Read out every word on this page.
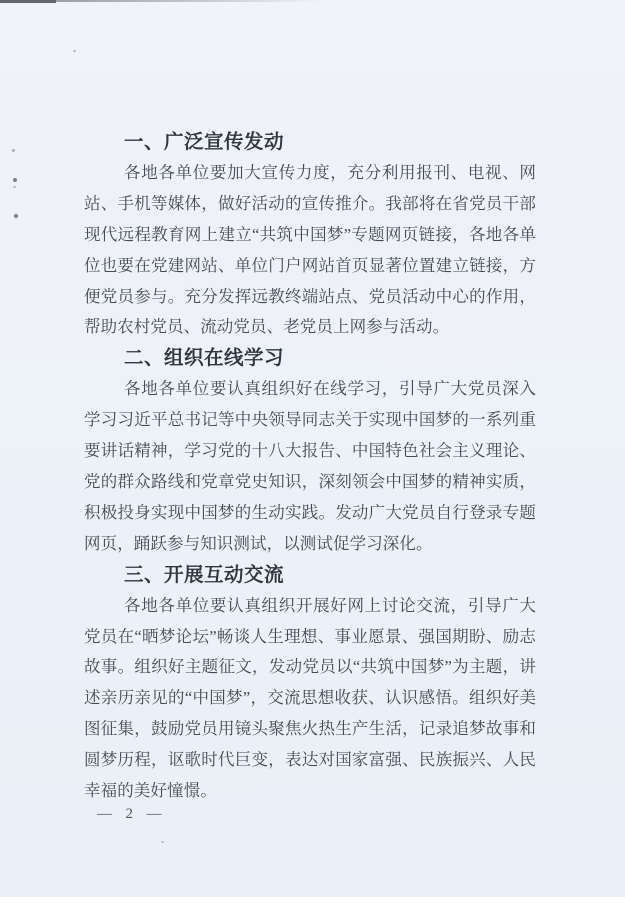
一、广泛宣传发动

各地各单位要加大宣传力度，充分利用报刊、电视、网站、手机等媒体，做好活动的宣传推介。我部将在省党员干部现代远程教育网上建立“共筑中国梦”专题网页链接，各地各单位也要在党建网站、单位门户网站首页显著位置建立链接，方便党员参与。充分发挥远教终端站点、党员活动中心的作用，帮助农村党员、流动党员、老党员上网参与活动。

二、组织在线学习

各地各单位要认真组织好在线学习，引导广大党员深入学习习近平总书记等中央领导同志关于实现中国梦的一系列重要讲话精神，学习党的十八大报告、中国特色社会主义理论、党的群众路线和党章党史知识，深刻领会中国梦的精神实质，积极投身实现中国梦的生动实践。发动广大党员自行登录专题网页，踊跃参与知识测试，以测试促学习深化。

三、开展互动交流

各地各单位要认真组织开展好网上讨论交流，引导广大党员在“晒梦论坛”畅谈人生理想、事业愿景、强国期盼、励志故事。组织好主题征文，发动党员以“共筑中国梦”为主题，讲述亲历亲见的“中国梦”，交流思想收获、认识感悟。组织好美图征集，鼓励党员用镜头聚焦火热生产生活，记录追梦故事和圆梦历程，讴歌时代巨变，表达对国家富强、民族振兴、人民幸福的美好憧憬。

—  2  —
